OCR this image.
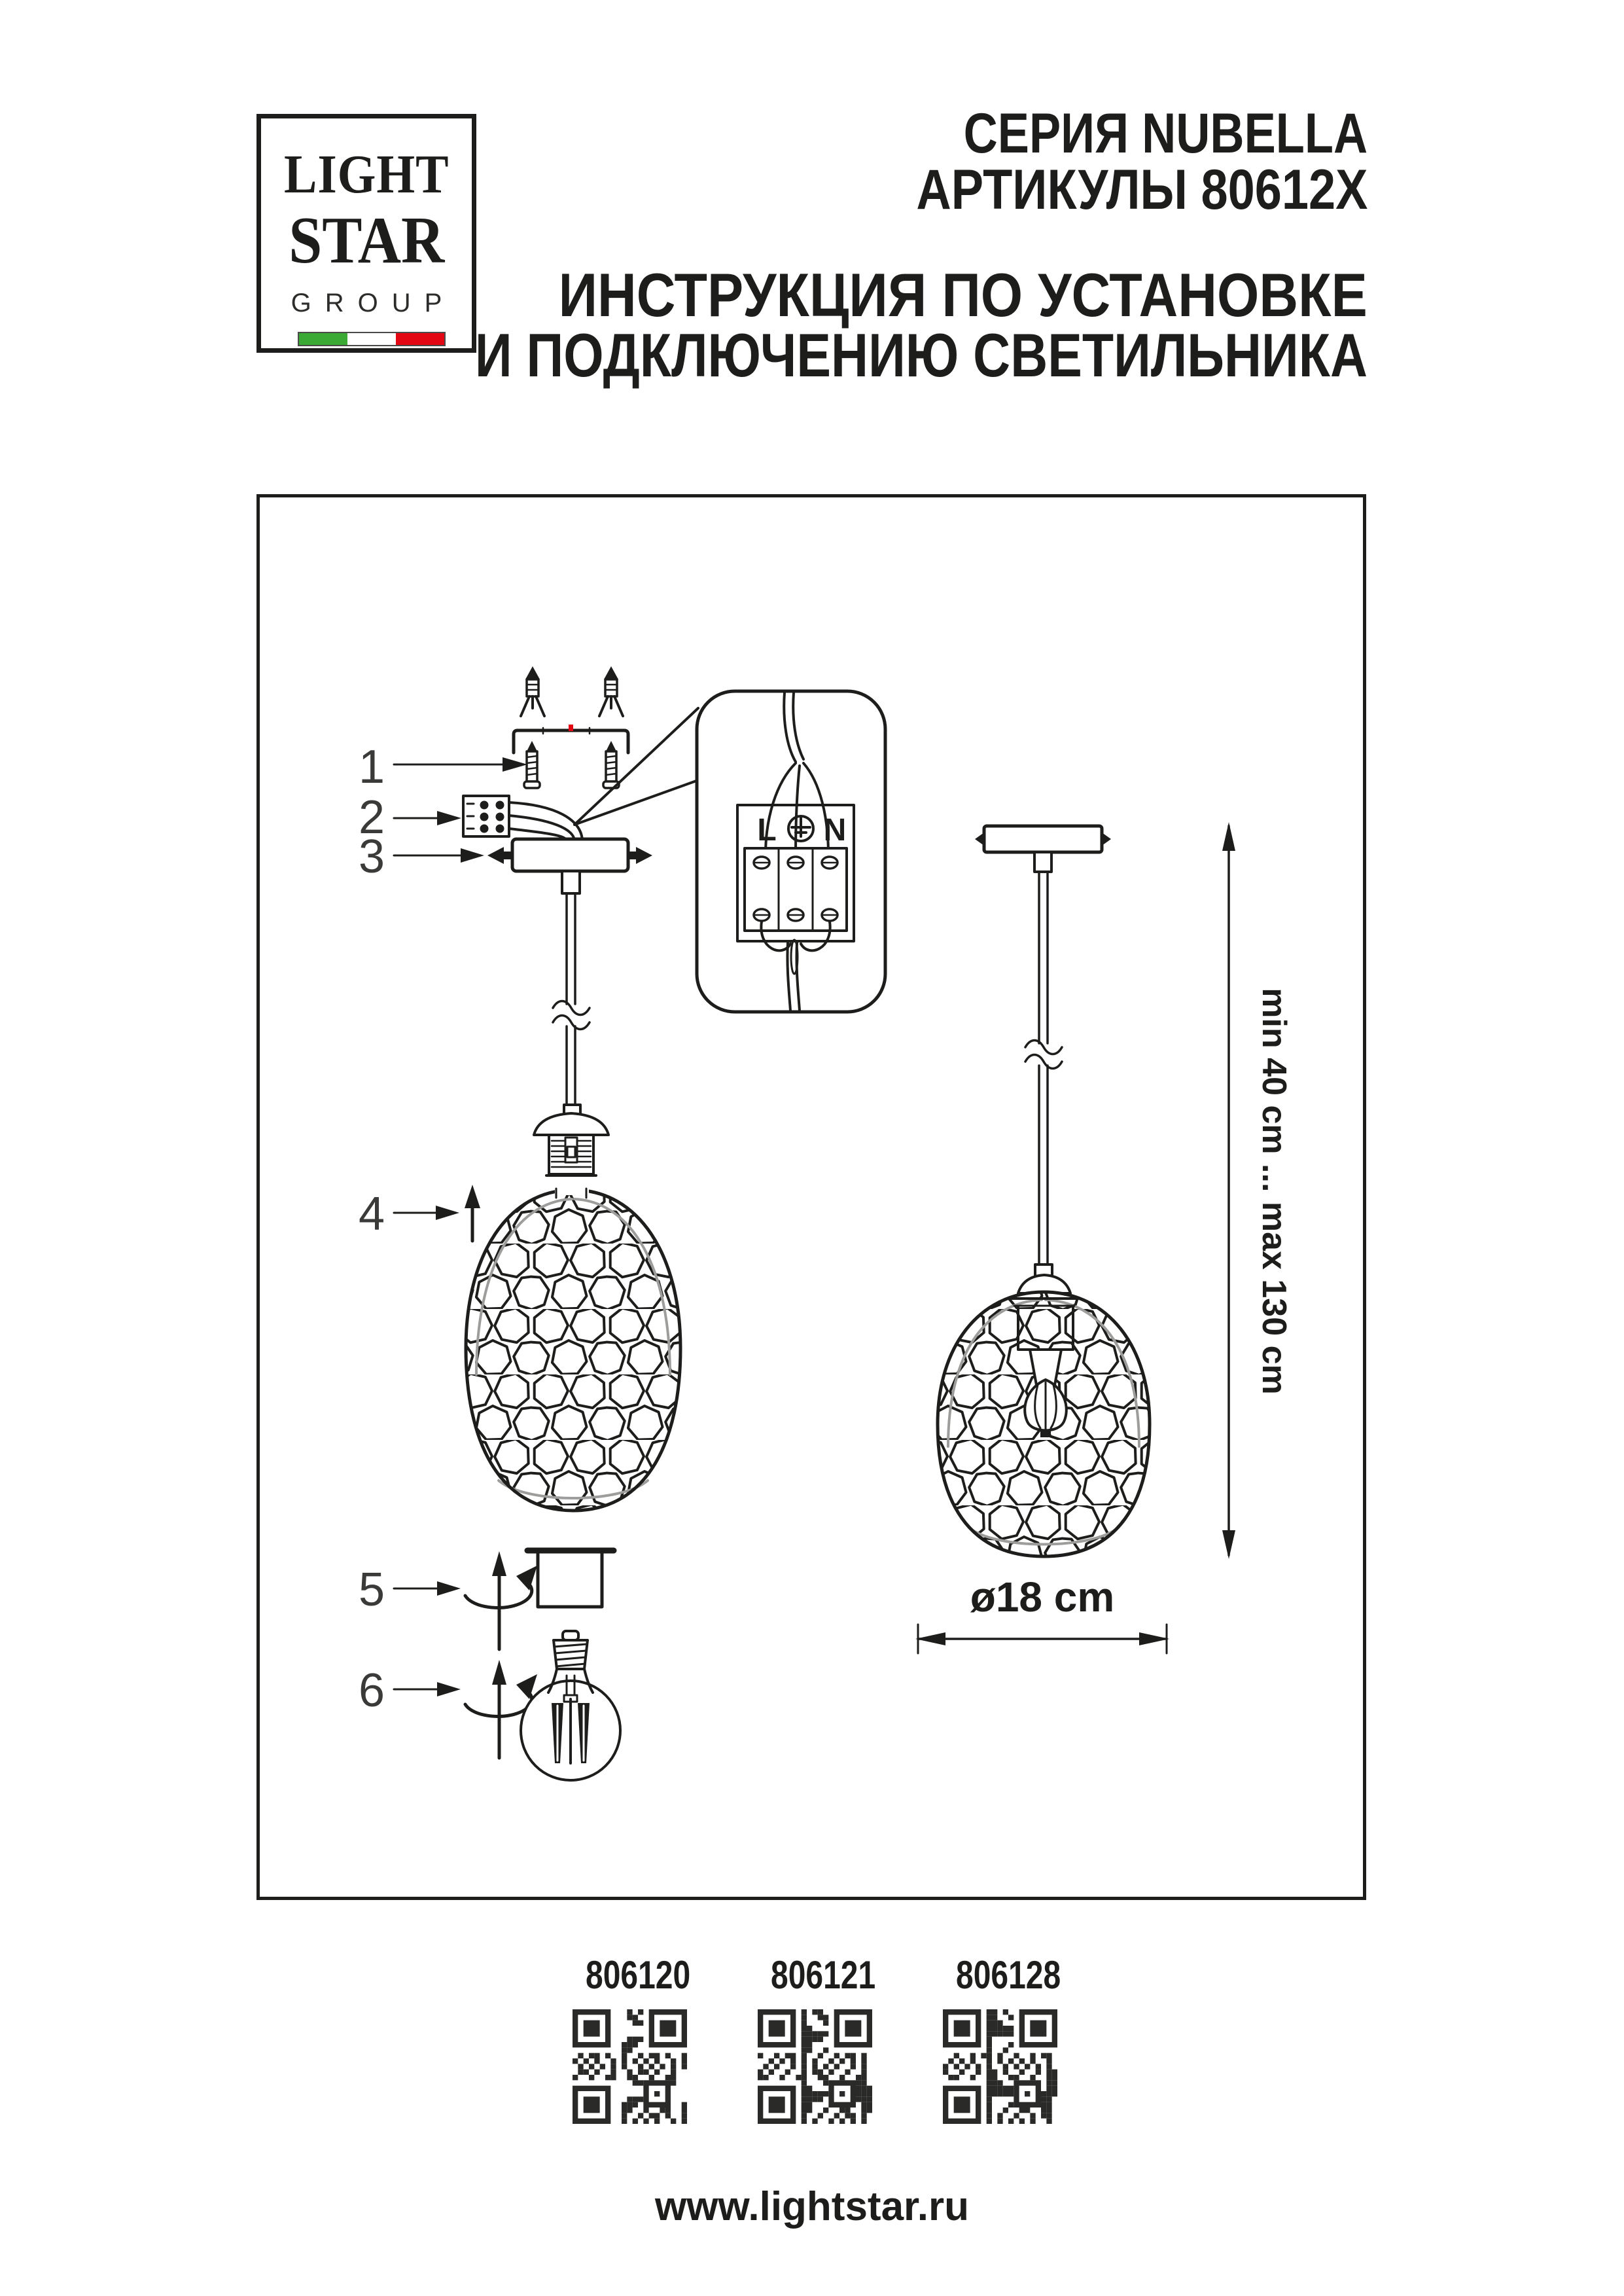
LIGHT
STAR
GROUP
СЕРИЯ NUBELLA
АРТИКУЛЫ 80612X
ИНСТРУКЦИЯ ПО УСТАНОВКЕ
И ПОДКЛЮЧЕНИЮ СВЕТИЛЬНИКА
1
2
3
4
5
6
L N
min 40 cm ... max 130 cm
ø18 cm
806120	806121	806128
www.lightstar.ru
